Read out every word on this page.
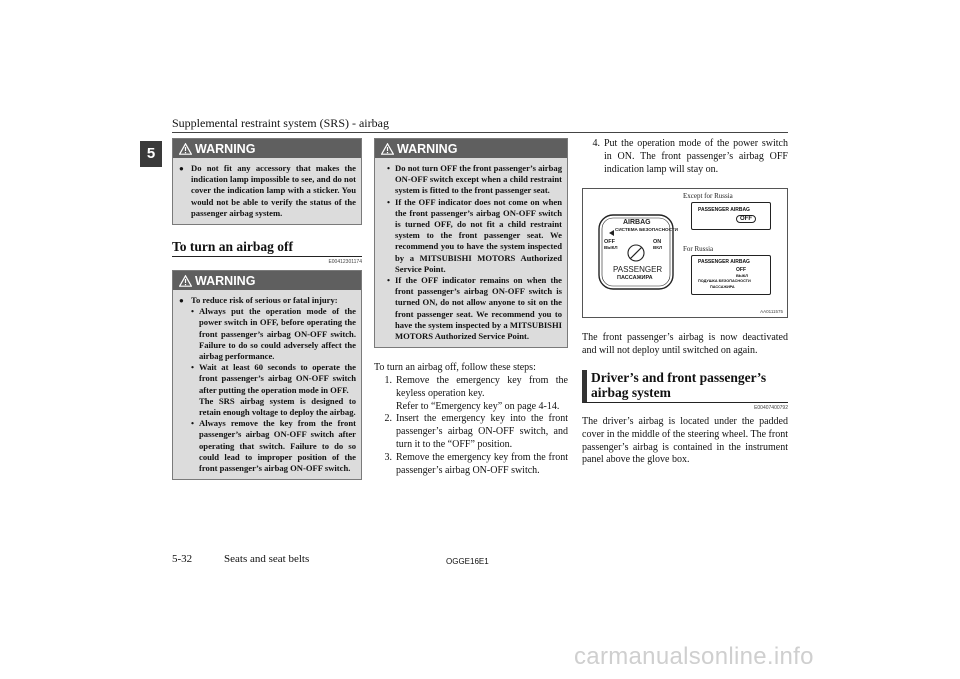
Supplemental restraint system (SRS) - airbag
5	WARNING
● Do not fit any accessory that makes the indication lamp impossible to see, and do not cover the indication lamp with a sticker. You would not be able to verify the status of the passenger airbag system.
To turn an airbag off
E00412301174
WARNING
● To reduce risk of serious or fatal injury:
• Always put the operation mode of the power switch in OFF, before operating the front passenger’s airbag ON-OFF switch. Failure to do so could adversely affect the airbag performance.
• Wait at least 60 seconds to operate the front passenger’s airbag ON-OFF switch after putting the operation mode in OFF.
The SRS airbag system is designed to retain enough voltage to deploy the airbag.
• Always remove the key from the front passenger’s airbag ON-OFF switch after operating that switch. Failure to do so could lead to improper position of the front passenger’s airbag ON-OFF switch.
WARNING
• Do not turn OFF the front passenger’s airbag ON-OFF switch except when a child restraint system is fitted to the front passenger seat.
• If the OFF indicator does not come on when the front passenger’s airbag ON-OFF switch is turned OFF, do not fit a child restraint system to the front passenger seat. We recommend you to have the system inspected by a MITSUBISHI MOTORS Authorized Service Point.
• If the OFF indicator remains on when the front passenger’s airbag ON-OFF switch is turned ON, do not allow anyone to sit on the front passenger seat. We recommend you to have the system inspected by a MITSUBISHI MOTORS Authorized Service Point.
To turn an airbag off, follow these steps:
1. Remove the emergency key from the keyless operation key.
Refer to “Emergency key” on page 4-14.
2. Insert the emergency key into the front passenger’s airbag ON-OFF switch, and turn it to the “OFF” position.
3. Remove the emergency key from the front passenger’s airbag ON-OFF switch.
4. Put the operation mode of the power switch in ON. The front passenger’s airbag OFF indication lamp will stay on.
Except for Russia
For Russia
AA0111575
AIRBAG
СИСТЕМА БЕЗОПАСНОСТИ
OFF
ВЫКЛ
ON
ВКЛ
PASSENGER
ПАССАЖИРА
PASSENGER AIRBAG
OFF
PASSENGER AIRBAG
OFF
ВЫКЛ
ПОДУШКА БЕЗОПАСНОСТИ
ПАССАЖИРА
The front passenger’s airbag is now deactivated and will not deploy until switched on again.
Driver’s and front passenger’s
airbag system
E00407400792
The driver’s airbag is located under the padded cover in the middle of the steering wheel. The front passenger’s airbag is contained in the instrument panel above the glove box.
5-32	Seats and seat belts	OGGE16E1
carmanualsonline.info
